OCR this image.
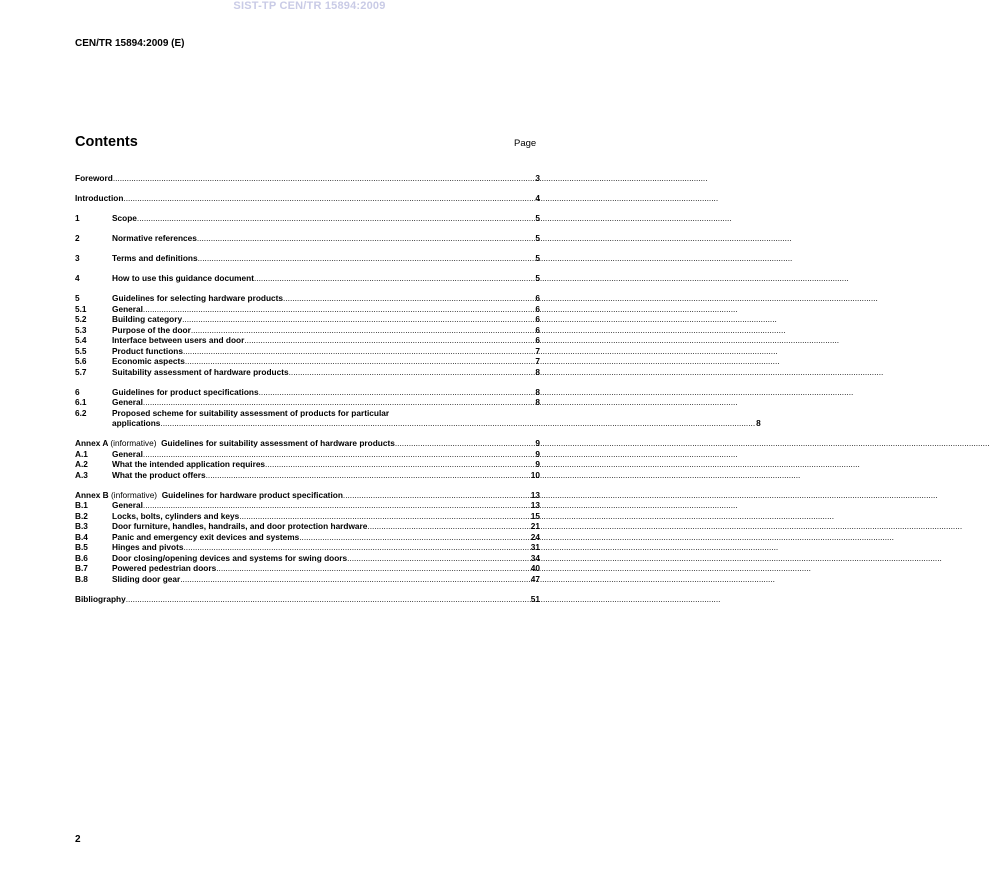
SIST-TP CEN/TR 15894:2009
CEN/TR 15894:2009 (E)
Contents	Page
Foreword .....	3
Introduction .....	4
1	Scope .....	5
2	Normative references .....	5
3	Terms and definitions .....	5
4	How to use this guidance document .....	5
5	Guidelines for selecting hardware products .....	6
5.1	General .....	6
5.2	Building category .....	6
5.3	Purpose of the door .....	6
5.4	Interface between users and door .....	6
5.5	Product functions .....	7
5.6	Economic aspects .....	7
5.7	Suitability assessment of hardware products .....	8
6	Guidelines for product specifications .....	8
6.1	General .....	8
6.2	Proposed scheme for suitability assessment of products for particular
applications .....	8
Annex A (informative) Guidelines for suitability assessment of hardware products .....	9
A.1	General .....	9
A.2	What the intended application requires .....	9
A.3	What the product offers .....	10
Annex B (informative) Guidelines for hardware product specification .....	13
B.1	General .....	13
B.2	Locks, bolts, cylinders and keys .....	15
B.3	Door furniture, handles, handrails, and door protection hardware .....	21
B.4	Panic and emergency exit devices and systems .....	24
B.5	Hinges and pivots .....	31
B.6	Door closing/opening devices and systems for swing doors .....	34
B.7	Powered pedestrian doors .....	40
B.8	Sliding door gear .....	47
Bibliography .....	51
2
